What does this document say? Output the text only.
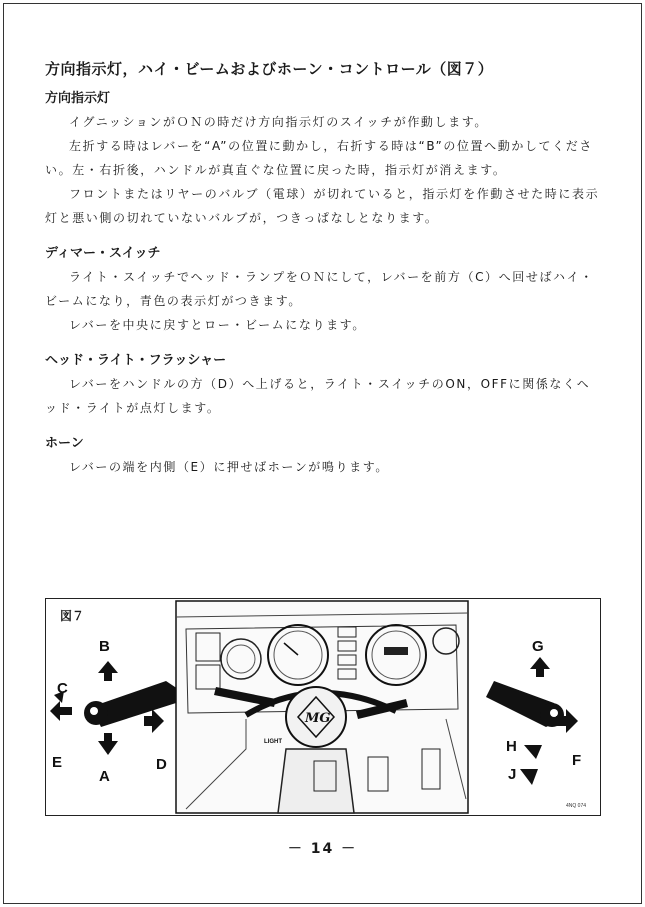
方向指示灯，ハイ・ビームおよびホーン・コントロール（図７）
方向指示灯

イグニッションがＯＮの時だけ方向指示灯のスイッチが作動します。

左折する時はレバーを“A”の位置に動かし，右折する時は“B”の位置へ動かしてください。左・右折後，ハンドルが真直ぐな位置に戻った時，指示灯が消えます。

フロントまたはリヤーのバルブ（電球）が切れていると，指示灯を作動させた時に表示灯と悪い側の切れていないバルブが，つきっぱなしとなります。

ディマー・スイッチ

ライト・スイッチでヘッド・ランプをＯＮにして，レバーを前方（C）へ回せばハイ・ビームになり，青色の表示灯がつきます。

レバーを中央に戻すとロー・ビームになります。

ヘッド・ライト・フラッシャー

レバーをハンドルの方（D）へ上げると，ライト・スイッチのON，OFFに関係なくヘッド・ライトが点灯します。

ホーン

レバーの端を内側（E）に押せばホーンが鳴ります。

B
C
E
A
D
MG
LIGHT
G
F
H
J
4NQ 074
図７
－ 14 －
